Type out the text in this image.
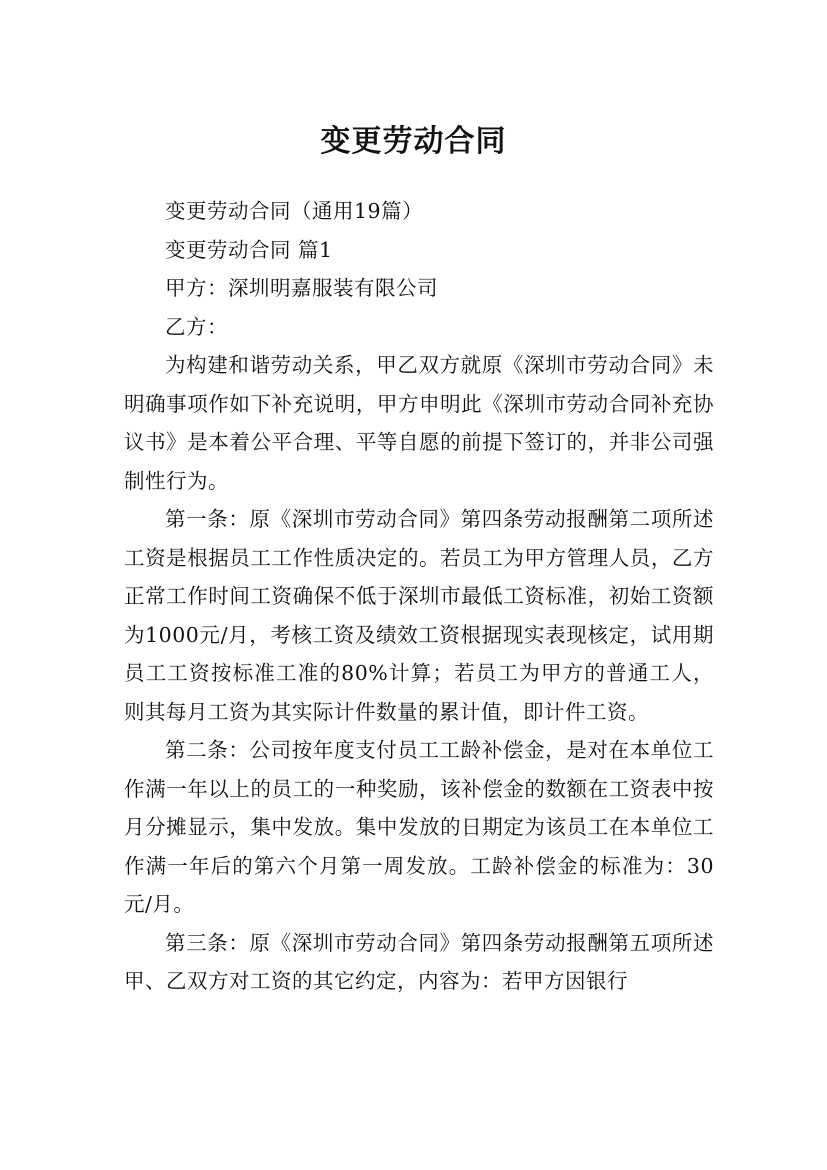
变更劳动合同

变更劳动合同（通用19篇）

变更劳动合同 篇1

甲方：深圳明嘉服装有限公司

乙方：

为构建和谐劳动关系，甲乙双方就原《深圳市劳动合同》未明确事项作如下补充说明，甲方申明此《深圳市劳动合同补充协议书》是本着公平合理、平等自愿的前提下签订的，并非公司强制性行为。

第一条：原《深圳市劳动合同》第四条劳动报酬第二项所述工资是根据员工工作性质决定的。若员工为甲方管理人员，乙方正常工作时间工资确保不低于深圳市最低工资标准，初始工资额为1000元/月，考核工资及绩效工资根据现实表现核定，试用期员工工资按标准工准的80%计算；若员工为甲方的普通工人，则其每月工资为其实际计件数量的累计值，即计件工资。

第二条：公司按年度支付员工工龄补偿金，是对在本单位工作满一年以上的员工的一种奖励，该补偿金的数额在工资表中按月分摊显示，集中发放。集中发放的日期定为该员工在本单位工作满一年后的第六个月第一周发放。工龄补偿金的标准为：30元/月。

第三条：原《深圳市劳动合同》第四条劳动报酬第五项所述甲、乙双方对工资的其它约定，内容为：若甲方因银行
